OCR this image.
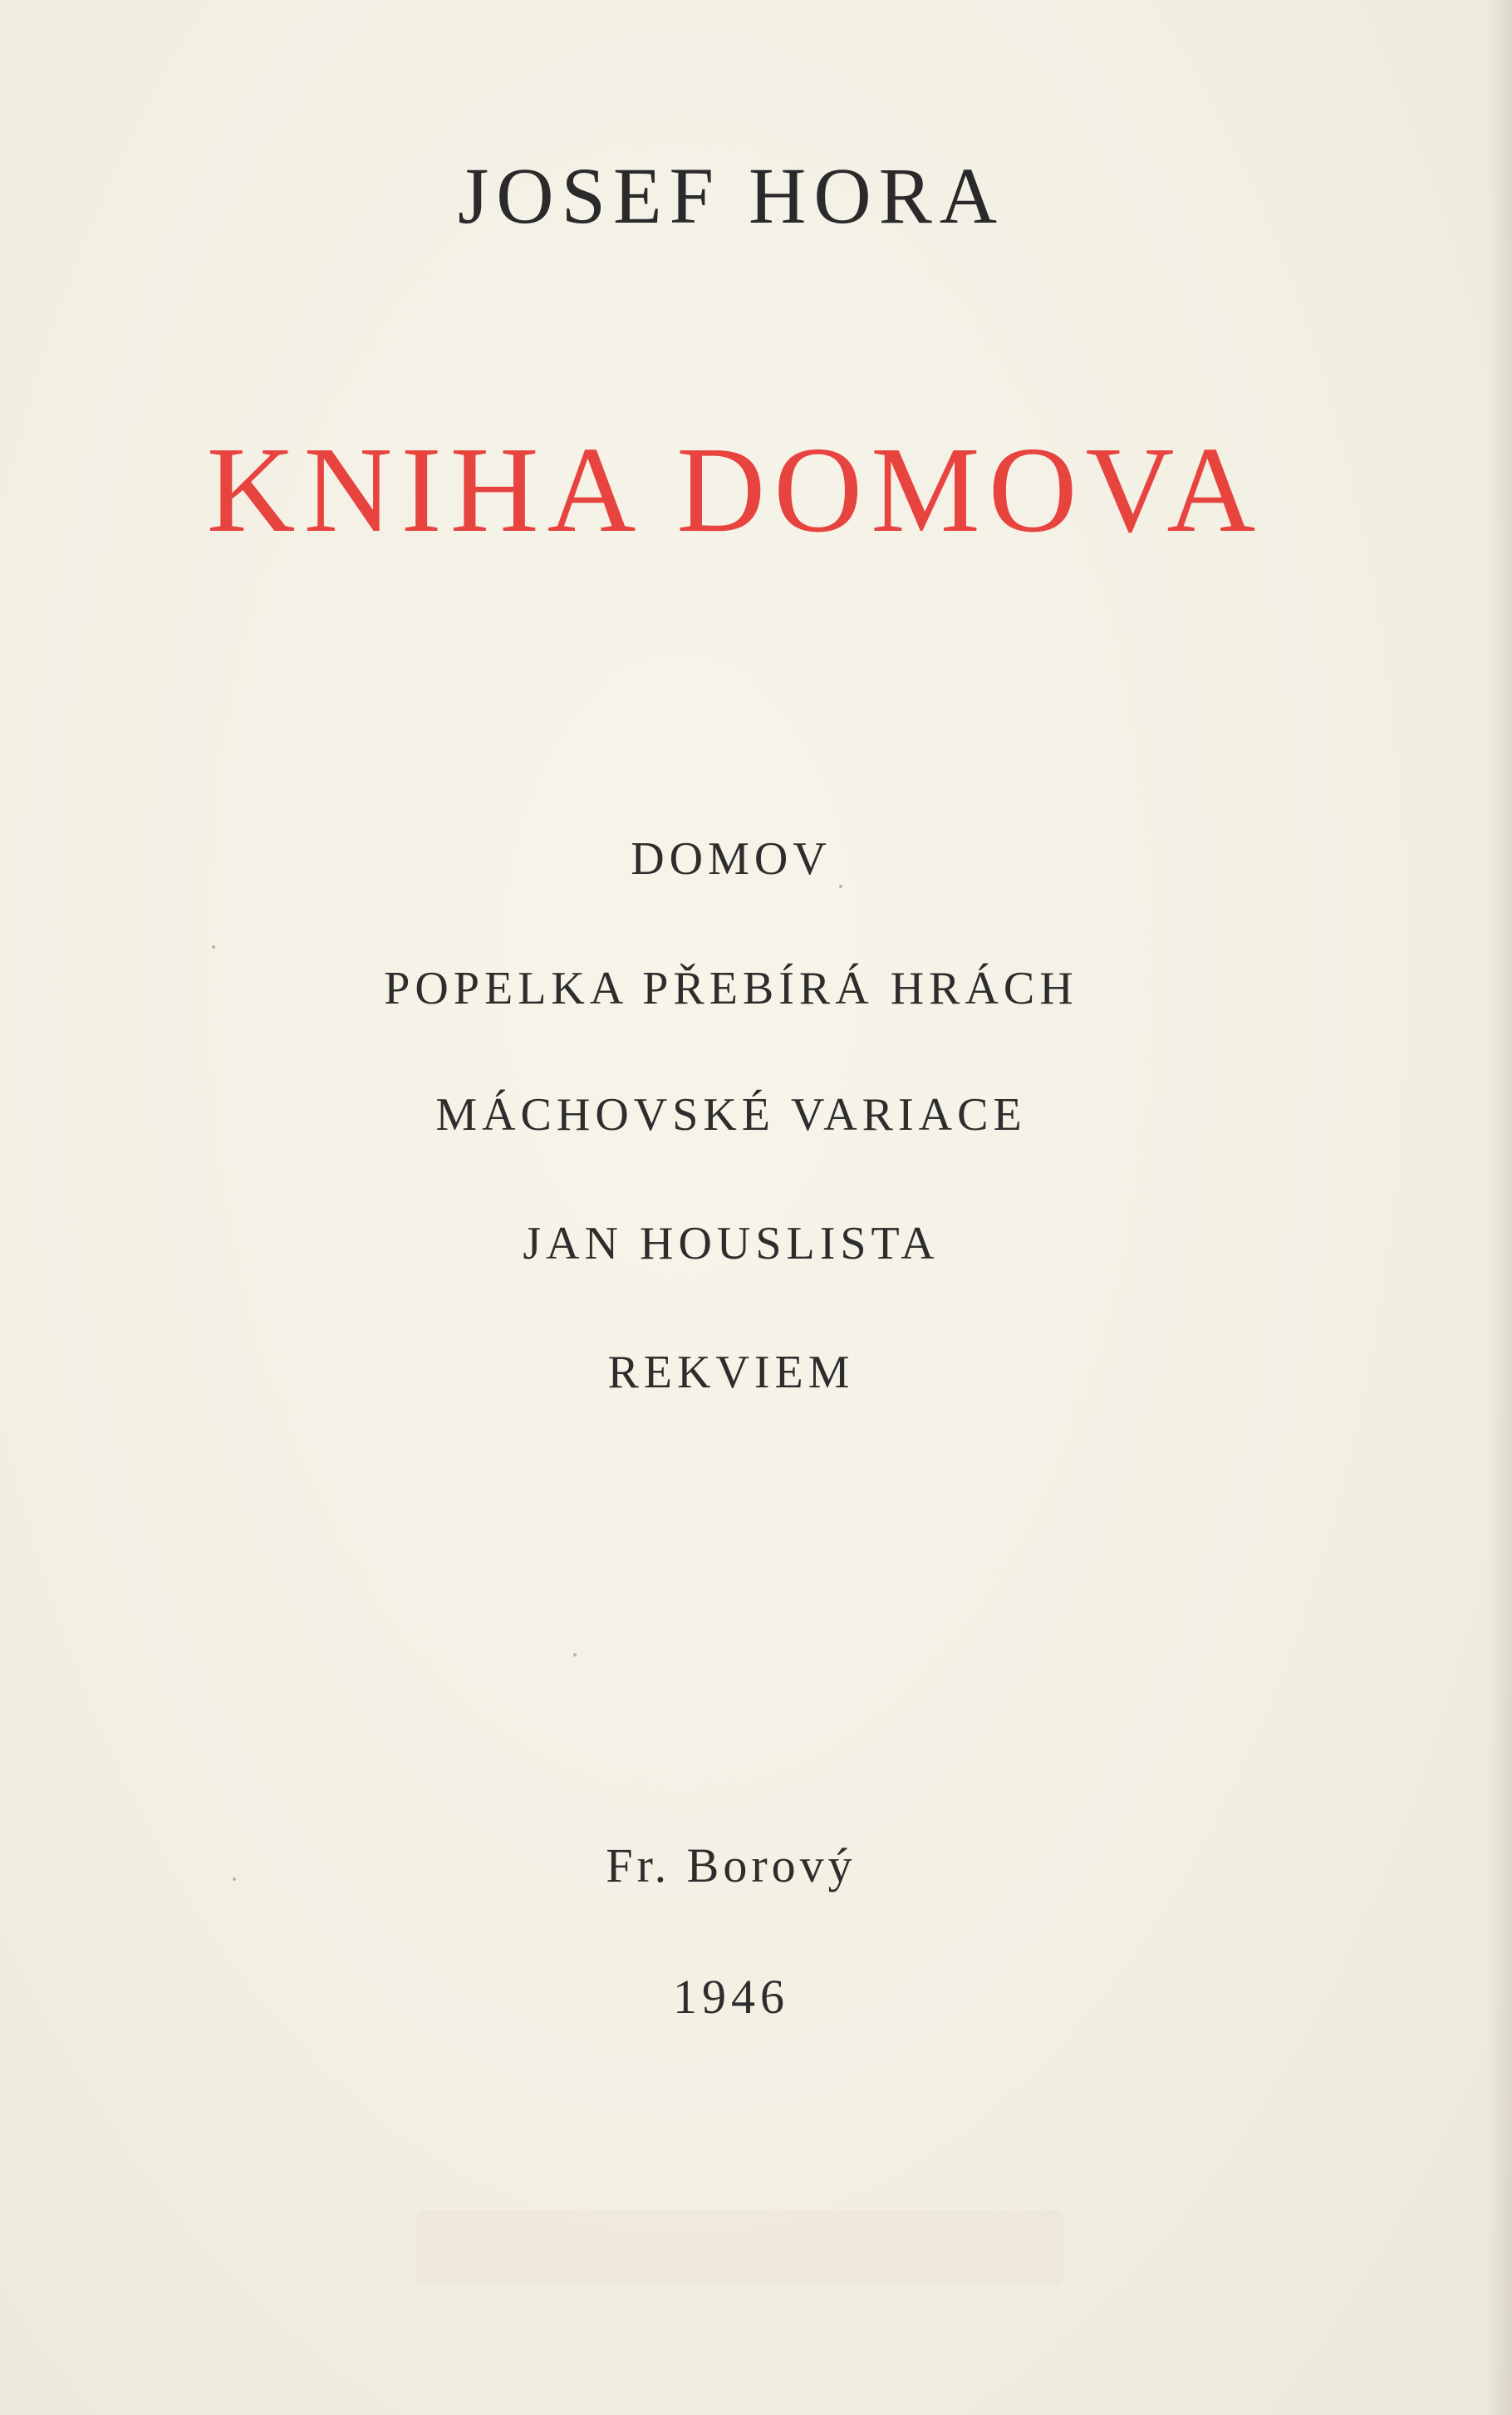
JOSEF HORA
KNIHA DOMOVA
DOMOV
POPELKA PŘEBÍRÁ HRÁCH
MÁCHOVSKÉ VARIACE
JAN HOUSLISTA
REKVIEM
Fr. Borový
1946
